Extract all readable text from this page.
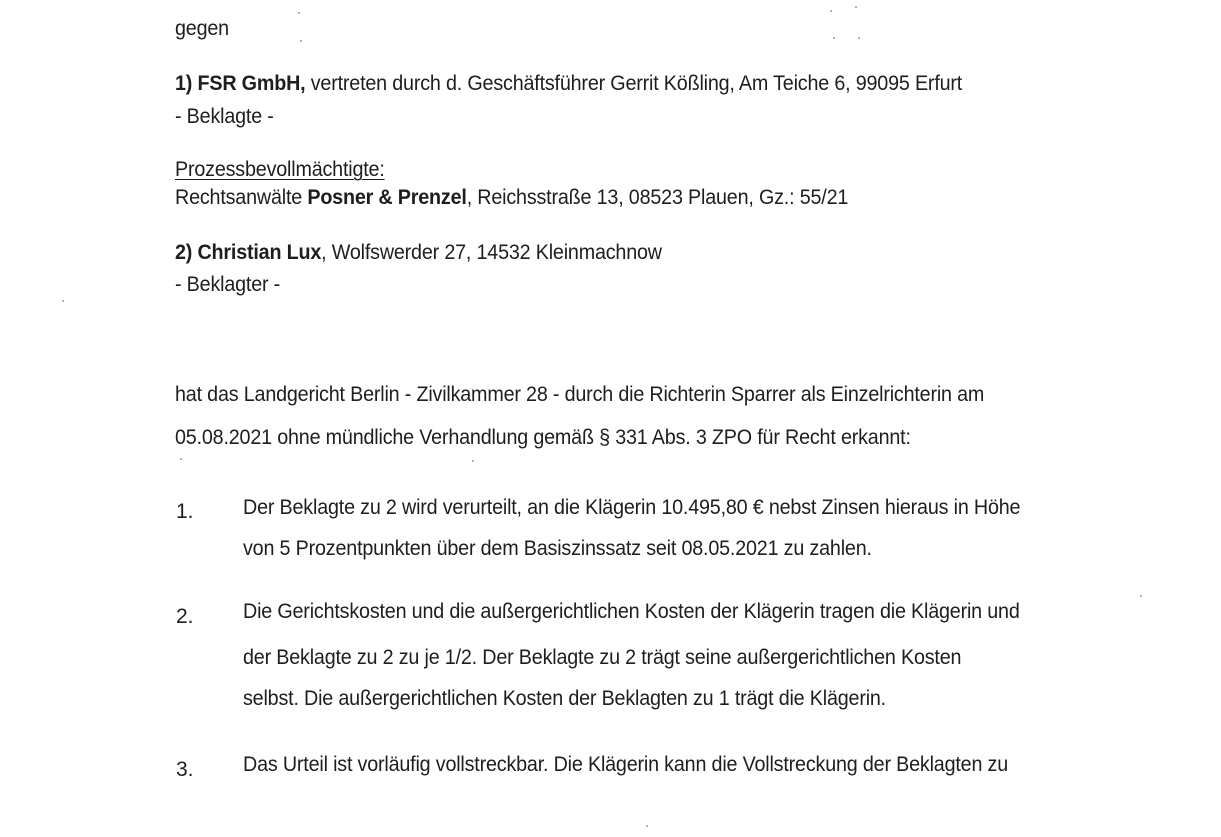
gegen
1) FSR GmbH, vertreten durch d. Geschäftsführer Gerrit Kößling, Am Teiche 6, 99095 Erfurt
- Beklagte -
Prozessbevollmächtigte:
Rechtsanwälte Posner & Prenzel, Reichsstraße 13, 08523 Plauen, Gz.: 55/21
2) Christian Lux, Wolfswerder 27, 14532 Kleinmachnow
- Beklagter -
hat das Landgericht Berlin - Zivilkammer 28 - durch die Richterin Sparrer als Einzelrichterin am
05.08.2021 ohne mündliche Verhandlung gemäß § 331 Abs. 3 ZPO für Recht erkannt:
1. Der Beklagte zu 2 wird verurteilt, an die Klägerin 10.495,80 € nebst Zinsen hieraus in Höhe
von 5 Prozentpunkten über dem Basiszinssatz seit 08.05.2021 zu zahlen.
2. Die Gerichtskosten und die außergerichtlichen Kosten der Klägerin tragen die Klägerin und
der Beklagte zu 2 zu je 1/2. Der Beklagte zu 2 trägt seine außergerichtlichen Kosten
selbst. Die außergerichtlichen Kosten der Beklagten zu 1 trägt die Klägerin.
3. Das Urteil ist vorläufig vollstreckbar. Die Klägerin kann die Vollstreckung der Beklagten zu
